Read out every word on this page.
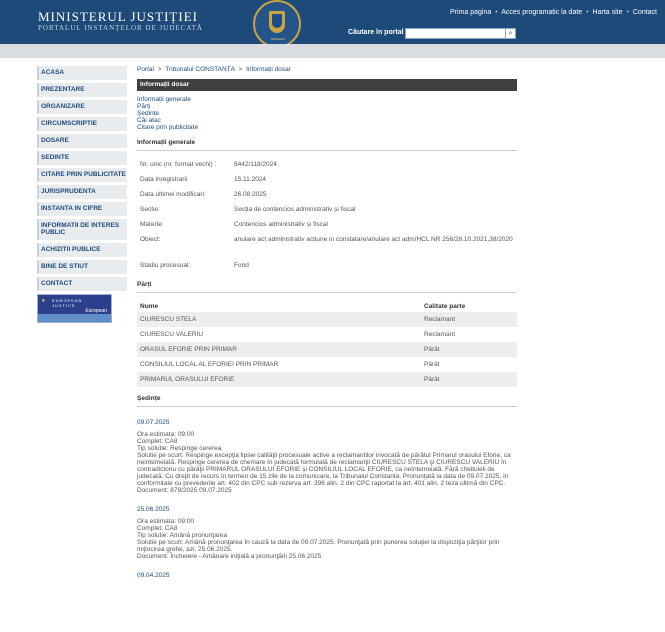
MINISTERUL JUSTIȚIEI
PORTALUL INSTANȚELOR DE JUDECATĂ
ROMANIA
Prima pagina • Acces programatic la date • Harta site • Contact
Căutare în portal	⌕
ACASA
PREZENTARE
ORGANIZARE
CIRCUMSCRIPTIE
DOSARE
SEDINTE
CITARE PRIN PUBLICITATE
JURISPRUDENTA
INSTANTA IN CIFRE
INFORMATII DE INTERES PUBLIC
ACHIZITII PUBLICE
BINE DE STIUT
CONTACT
★ EUROPEAN
JUSTICE
European

Portal > Tribunalul CONSTANȚA > Informații dosar
Informații dosar
Informații generale
Părți
Ședințe
Căi atac
Citare prin publicitate
Informații generale
Nr. unic (nr. format vechi) :	8442/118/2024
Data inregistrarii	15.11.2024
Data ultimei modificari:	26.08.2025
Sectie:	Secția de contencios administrativ și fiscal
Materie:	Contencios administrativ și fiscal
Obiect:	anulare act administrativ actiune in constatare/anulare act adm/HCL NR 256/28.10.2021,38/2020
Stadiu procesual:	Fond
Părți
Nume	Calitate parte
CIURESCU STELA	Reclamant
CIURESCU VALERIU	Reclamant
ORASUL EFORIE PRIN PRIMAR	Pârât
CONSILIUL LOCAL AL EFORIEI PRIN PRIMAR	Pârât
PRIMARUL ORASULUI EFORIE	Pârât
Ședințe
09.07.2025
Ora estimata: 09:00
Complet: CA8
Tip solutie: Respinge cererea
Solutie pe scurt: Respinge excepţia lipsei calităţii procesuale active a reclamantilor invocată de pârâtul Primarul orasului Eforie, ca neintemeiată. Respinge cererea de chemare în judecată formulată de reclamanţii CIURESCU STELA şi CIURESCU VALERIU în contradictoriu cu pârâţii PRIMARUL ORASULUI EFORIE şi CONSILIUL LOCAL EFORIE, ca neîntemeiată. Fără cheltuieli de judecată. Cu drept de recurs în termen de 15 zile de la comunicare, la Tribunalul Constanta. Pronunţată la data de 09.07.2025, în conformitate cu prevederile art. 402 din CPC sub rezerva art. 396 alin. 2 din CPC raportat la art. 401 alin. 2 teza ultimă din CPC.
Document: 878/2025 09.07.2025
25.06.2025
Ora estimata: 09:00
Complet: CA8
Tip solutie: Amână pronunţarea
Solutie pe scurt: Amână pronunţarea în cauză la data de 09.07.2025. Pronunţată prin punerea soluţiei la dispoziţia părţilor prin mijlocirea grefei, azi, 25.06.2025.
Document: Încheiere - Amânare iniţială a pronunţării 25.06.2025
09.04.2025
